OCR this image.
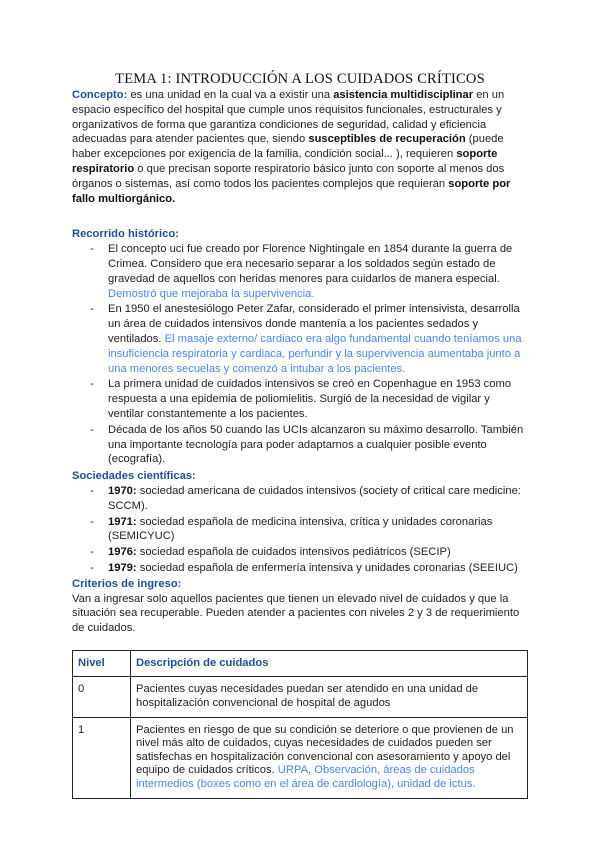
TEMA 1: INTRODUCCIÓN A LOS CUIDADOS CRÍTICOS

Concepto: es una unidad en la cual va a existir una asistencia multidisciplinar en un espacio específico del hospital que cumple unos requisitos funcionales, estructurales y organizativos de forma que garantiza condiciones de seguridad, calidad y eficiencia adecuadas para atender pacientes que, siendo susceptibles de recuperación (puede haber excepciones por exigencia de la familia, condición social... ), requieren soporte respiratorio o que precisan soporte respiratorio básico junto con soporte al menos dos órganos o sistemas, así como todos los pacientes complejos que requieran soporte por fallo multiorgánico.

Recorrido histórico:
- El concepto uci fue creado por Florence Nightingale en 1854 durante la guerra de Crimea. Considero que era necesario separar a los soldados según estado de gravedad de aquellos con heridas menores para cuidarlos de manera especial. Demostró que mejoraba la supervivencia.
- En 1950 el anestesiólogo Peter Zafar, considerado el primer intensivista, desarrolla un área de cuidados intensivos donde mantenía a los pacientes sedados y ventilados. El masaje externo/ cardiaco era algo fundamental cuando teníamos una insuficiencia respiratoria y cardiaca, perfundir y la supervivencia aumentaba junto a una menores secuelas y comenzó a intubar a los pacientes.
- La primera unidad de cuidados intensivos se creó en Copenhague en 1953 como respuesta a una epidemia de poliomielitis. Surgió de la necesidad de vigilar y ventilar constantemente a los pacientes.
- Década de los años 50 cuando las UCIs alcanzaron su máximo desarrollo. También una importante tecnología para poder adaptarnos a cualquier posible evento (ecografía).
Sociedades científicas:
- 1970: sociedad americana de cuidados intensivos (society of critical care medicine: SCCM).
- 1971: sociedad española de medicina intensiva, crítica y unidades coronarias (SEMICYUC)
- 1976: sociedad española de cuidados intensivos pediátricos (SECIP)
- 1979: sociedad española de enfermería intensiva y unidades coronarias (SEEIUC)
Criterios de ingreso:

Van a ingresar solo aquellos pacientes que tienen un elevado nivel de cuidados y que la situación sea recuperable. Pueden atender a pacientes con niveles 2 y 3 de requerimiento de cuidados.

Nivel	Descripción de cuidados
0	Pacientes cuyas necesidades puedan ser atendido en una unidad de hospitalización convencional de hospital de agudos
1	Pacientes en riesgo de que su condición se deteriore o que provienen de un nivel más alto de cuidados, cuyas necesidades de cuidados pueden ser satisfechas en hospitalización convencional con asesoramiento y apoyo del equipo de cuidados críticos. URPA, Observación, áreas de cuidados intermedios (boxes como en el área de cardiología), unidad de ictus.
